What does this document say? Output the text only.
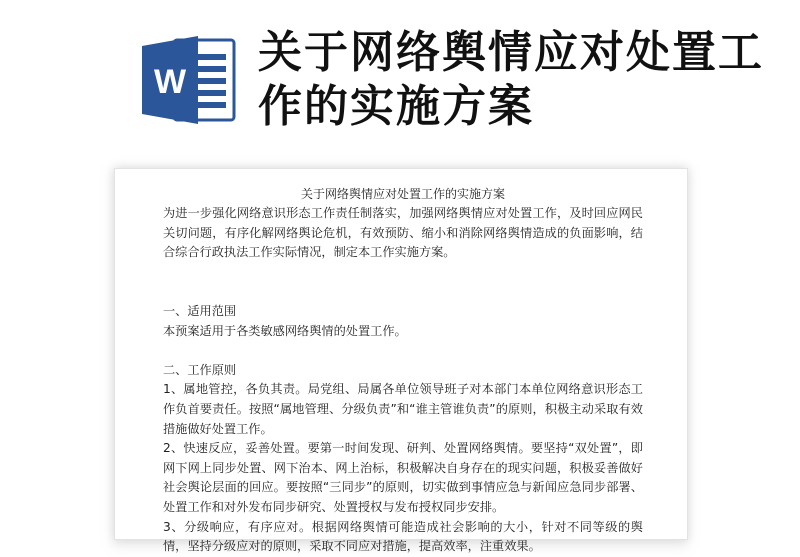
W
关于网络舆情应对处置工作的实施方案

关于网络舆情应对处置工作的实施方案

为进一步强化网络意识形态工作责任制落实，加强网络舆情应对处置工作，及时回应网民关切问题，有序化解网络舆论危机，有效预防、缩小和消除网络舆情造成的负面影响，结合综合行政执法工作实际情况，制定本工作实施方案。

一、适用范围

本预案适用于各类敏感网络舆情的处置工作。

二、工作原则

1、属地管控，各负其责。局党组、局属各单位领导班子对本部门本单位网络意识形态工作负首要责任。按照“属地管理、分级负责”和“谁主管谁负责”的原则，积极主动采取有效措施做好处置工作。

2、快速反应，妥善处置。要第一时间发现、研判、处置网络舆情。要坚持“双处置”，即网下网上同步处置、网下治本、网上治标，积极解决自身存在的现实问题，积极妥善做好社会舆论层面的回应。要按照“三同步”的原则，切实做到事情应急与新闻应急同步部署、处置工作和对外发布同步研究、处置授权与发布授权同步安排。

3、分级响应，有序应对。根据网络舆情可能造成社会影响的大小，针对不同等级的舆情，坚持分级应对的原则，采取不同应对措施，提高效率，注重效果。
